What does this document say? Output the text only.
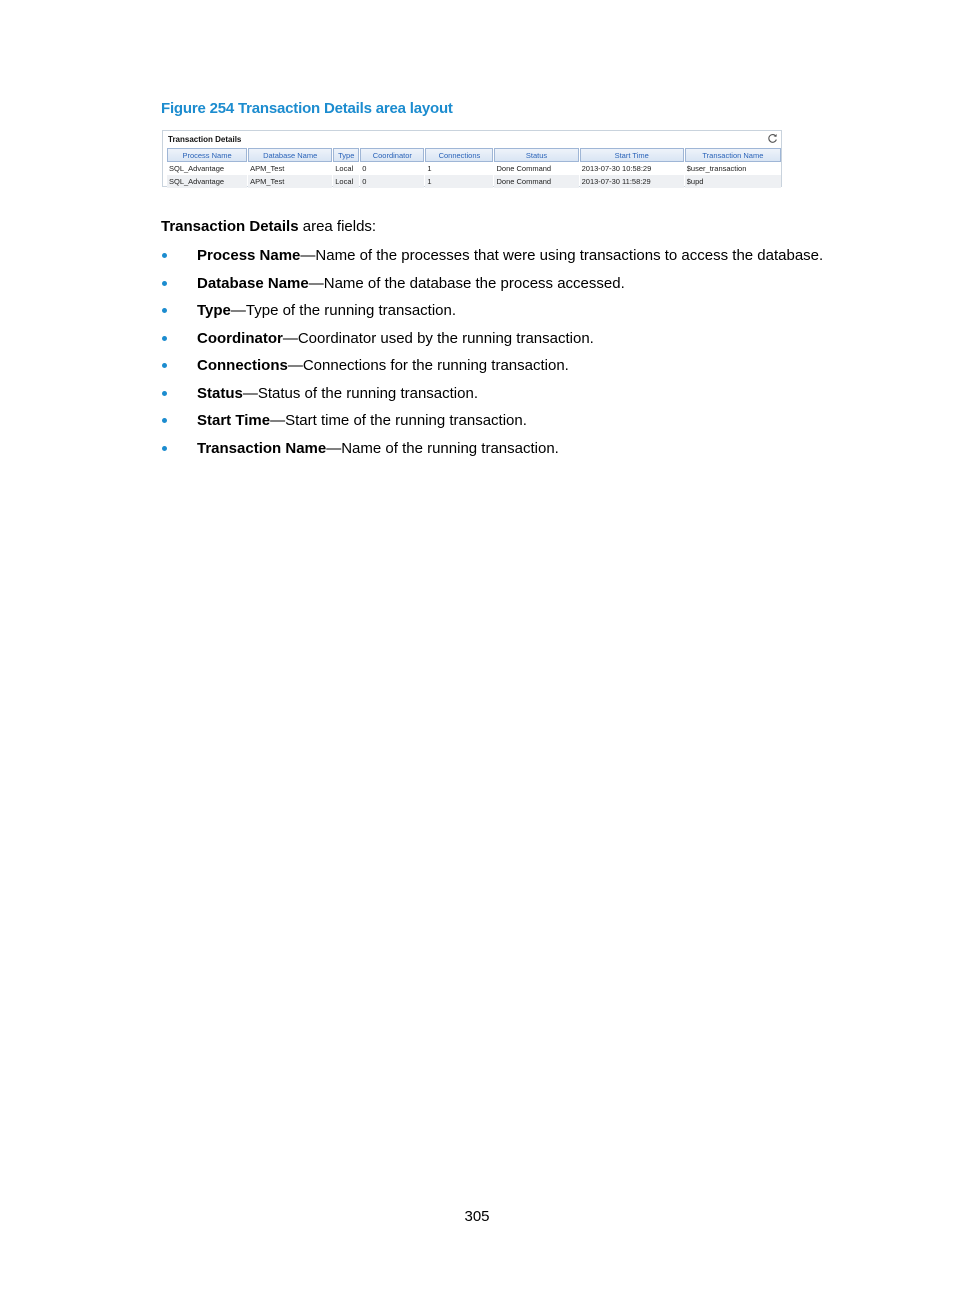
Figure 254 Transaction Details area layout
Transaction Details
Process Name	Database Name	Type	Coordinator	Connections	Status	Start Time	Transaction Name
SQL_Advantage	APM_Test	Local	0	1	Done Command	2013-07-30 10:58:29	$user_transaction
SQL_Advantage	APM_Test	Local	0	1	Done Command	2013-07-30 11:58:29	$upd
Transaction Details area fields:
Process Name—Name of the processes that were using transactions to access the database.
Database Name—Name of the database the process accessed.
Type—Type of the running transaction.
Coordinator—Coordinator used by the running transaction.
Connections—Connections for the running transaction.
Status—Status of the running transaction.
Start Time—Start time of the running transaction.
Transaction Name—Name of the running transaction.
305
